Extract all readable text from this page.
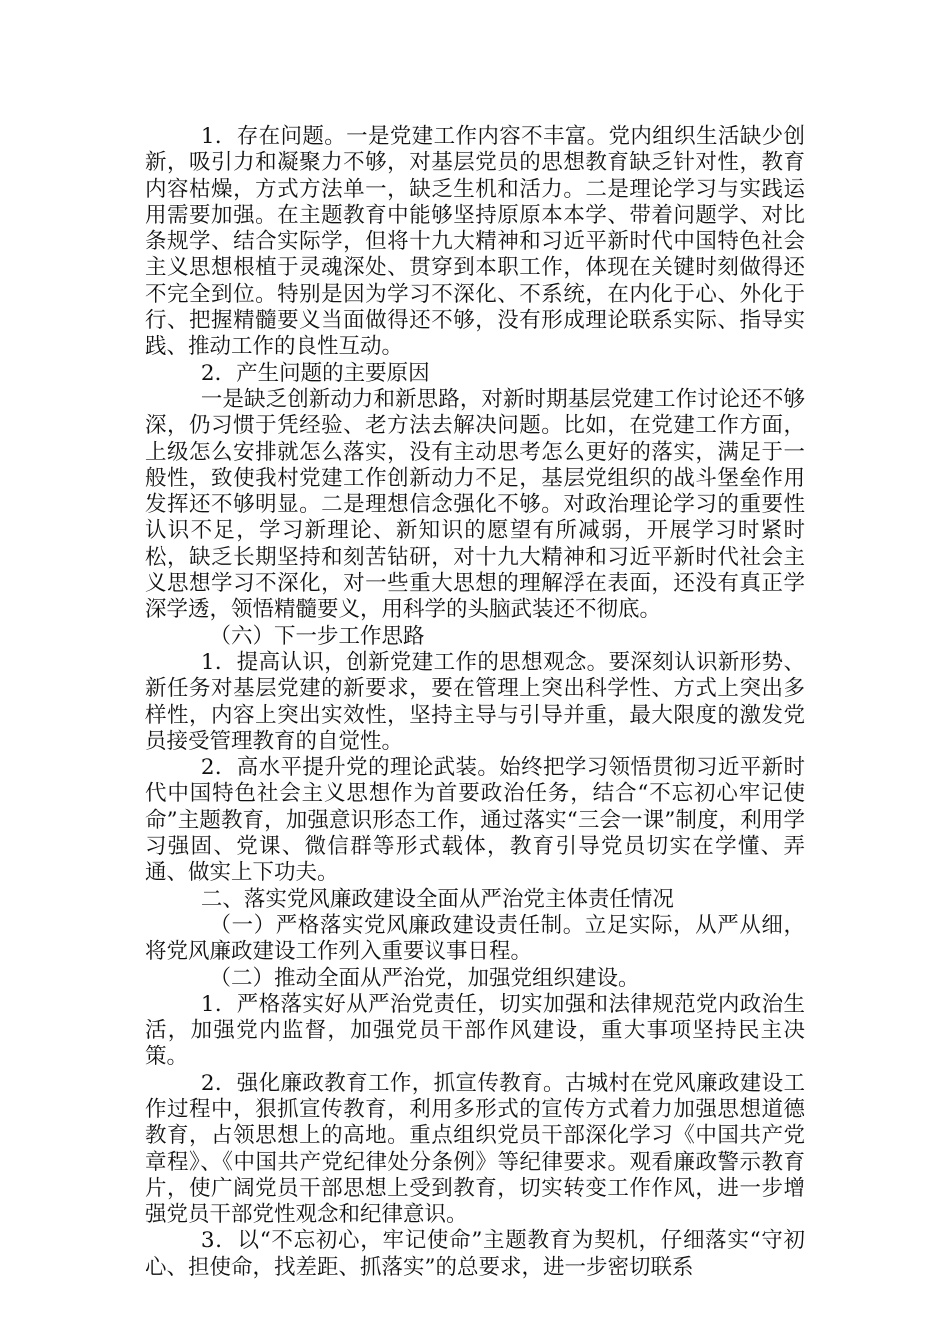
1．存在问题。一是党建工作内容不丰富。党内组织生活缺少创新，吸引力和凝聚力不够，对基层党员的思想教育缺乏针对性，教育内容枯燥，方式方法单一，缺乏生机和活力。二是理论学习与实践运用需要加强。在主题教育中能够坚持原原本本学、带着问题学、对比条规学、结合实际学，但将十九大精神和习近平新时代中国特色社会主义思想根植于灵魂深处、贯穿到本职工作，体现在关键时刻做得还不完全到位。特别是因为学习不深化、不系统，在内化于心、外化于行、把握精髓要义当面做得还不够，没有形成理论联系实际、指导实践、推动工作的良性互动。

2．产生问题的主要原因

一是缺乏创新动力和新思路，对新时期基层党建工作讨论还不够深，仍习惯于凭经验、老方法去解决问题。比如，在党建工作方面，上级怎么安排就怎么落实，没有主动思考怎么更好的落实，满足于一般性，致使我村党建工作创新动力不足，基层党组织的战斗堡垒作用发挥还不够明显。二是理想信念强化不够。对政治理论学习的重要性认识不足，学习新理论、新知识的愿望有所减弱，开展学习时紧时松，缺乏长期坚持和刻苦钻研，对十九大精神和习近平新时代社会主义思想学习不深化，对一些重大思想的理解浮在表面，还没有真正学深学透，领悟精髓要义，用科学的头脑武装还不彻底。

（六）下一步工作思路

1．提高认识，创新党建工作的思想观念。要深刻认识新形势、新任务对基层党建的新要求，要在管理上突出科学性、方式上突出多样性，内容上突出实效性，坚持主导与引导并重，最大限度的激发党员接受管理教育的自觉性。

2．高水平提升党的理论武装。始终把学习领悟贯彻习近平新时代中国特色社会主义思想作为首要政治任务，结合“不忘初心牢记使命”主题教育，加强意识形态工作，通过落实“三会一课”制度，利用学习强固、党课、微信群等形式载体，教育引导党员切实在学懂、弄通、做实上下功夫。

二、落实党风廉政建设全面从严治党主体责任情况

（一）严格落实党风廉政建设责任制。立足实际，从严从细，将党风廉政建设工作列入重要议事日程。

（二）推动全面从严治党，加强党组织建设。

1．严格落实好从严治党责任，切实加强和法律规范党内政治生活，加强党内监督，加强党员干部作风建设，重大事项坚持民主决策。

2．强化廉政教育工作，抓宣传教育。古城村在党风廉政建设工作过程中，狠抓宣传教育，利用多形式的宣传方式着力加强思想道德教育，占领思想上的高地。重点组织党员干部深化学习《中国共产党章程》、《中国共产党纪律处分条例》等纪律要求。观看廉政警示教育片，使广阔党员干部思想上受到教育，切实转变工作作风，进一步增强党员干部党性观念和纪律意识。

3．以“不忘初心，牢记使命”主题教育为契机，仔细落实“守初心、担使命，找差距、抓落实”的总要求，进一步密切联系
